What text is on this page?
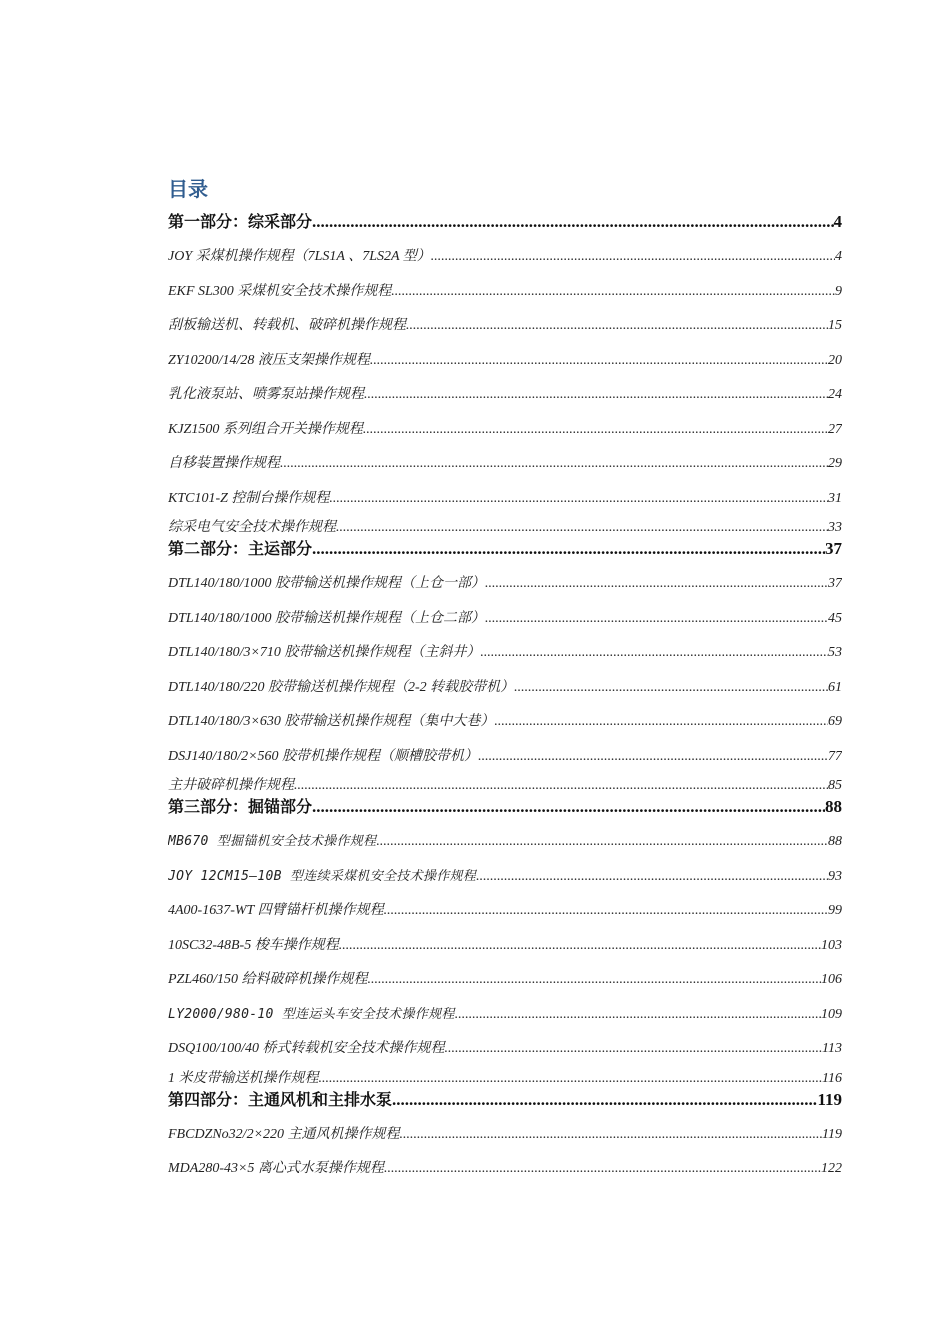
目录
第一部分：综采部分 .....	4
JOY 采煤机操作规程（7LS1A 、7LS2A 型） .....	4
EKF SL300 采煤机安全技术操作规程 .....	9
刮板输送机、转载机、破碎机操作规程 .....	15
ZY10200/14/28 液压支架操作规程 .....	20
乳化液泵站、喷雾泵站操作规程 .....	24
KJZ1500 系列组合开关操作规程 .....	27
自移装置操作规程 .....	29
KTC101-Z 控制台操作规程 .....	31
综采电气安全技术操作规程 .....	33
第二部分：主运部分 .....	37
DTL140/180/1000 胶带输送机操作规程（上仓一部） .....	37
DTL140/180/1000 胶带输送机操作规程（上仓二部） .....	45
DTL140/180/3×710 胶带输送机操作规程（主斜井） .....	53
DTL140/180/220 胶带输送机操作规程（2-2 转载胶带机） .....	61
DTL140/180/3×630 胶带输送机操作规程（集中大巷） .....	69
DSJ140/180/2×560 胶带机操作规程（顺槽胶带机） .....	77
主井破碎机操作规程 .....	85
第三部分：掘锚部分 .....	88
MB670 型掘锚机安全技术操作规程 .....	88
JOY 12CM15—10B 型连续采煤机安全技术操作规程 .....	93
4A00-1637-WT 四臂锚杆机操作规程 .....	99
10SC32-48B-5 梭车操作规程 .....	103
PZL460/150 给料破碎机操作规程 .....	106
LY2000/980-10 型连运头车安全技术操作规程 .....	109
DSQ100/100/40 桥式转载机安全技术操作规程 .....	113
1 米皮带输送机操作规程 .....	116
第四部分：主通风机和主排水泵 .....	119
FBCDZNo32/2×220 主通风机操作规程 .....	119
MDA280-43×5 离心式水泵操作规程 .....	122
